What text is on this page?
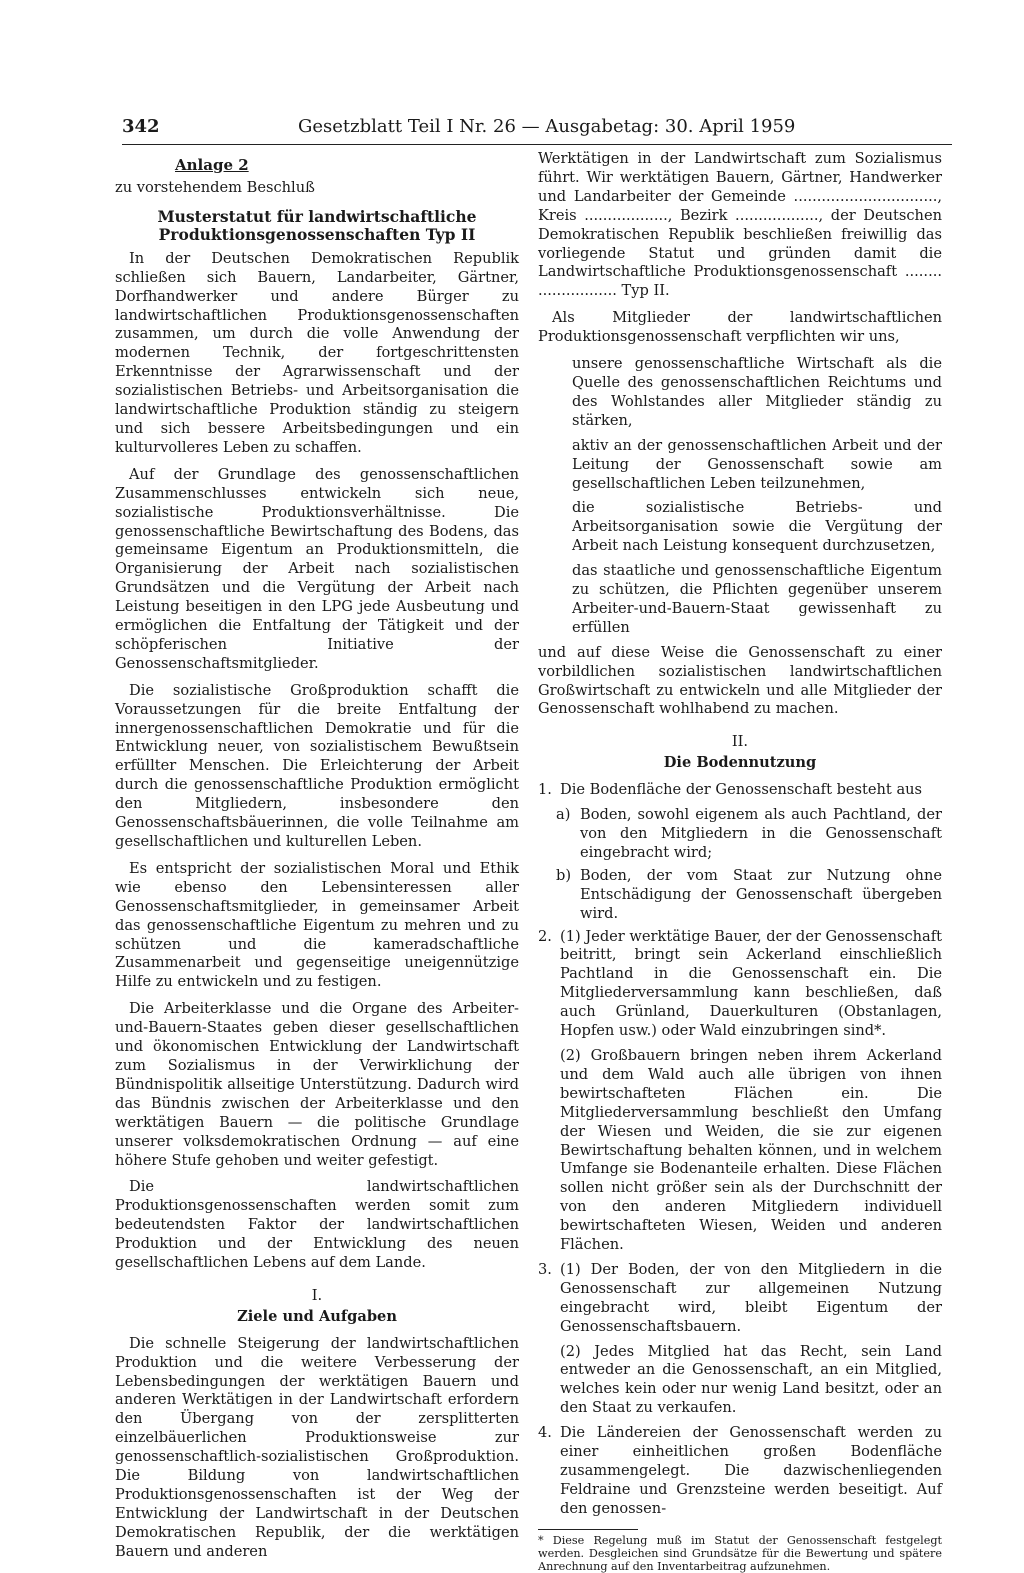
342	Gesetzblatt Teil I Nr. 26 — Ausgabetag: 30. April 1959
Anlage 2
zu vorstehendem Beschluß
Musterstatut für landwirtschaftliche Produktionsgenossenschaften Typ II

In der Deutschen Demokratischen Republik schließen sich Bauern, Landarbeiter, Gärtner, Dorfhandwerker und andere Bürger zu landwirtschaftlichen Produktionsgenossenschaften zusammen, um durch die volle Anwendung der modernen Technik, der fortgeschrittensten Erkenntnisse der Agrarwissenschaft und der sozialistischen Betriebs- und Arbeitsorganisation die landwirtschaftliche Produktion ständig zu steigern und sich bessere Arbeitsbedingungen und ein kulturvolleres Leben zu schaffen.

Auf der Grundlage des genossenschaftlichen Zusammenschlusses entwickeln sich neue, sozialistische Produktionsverhältnisse. Die genossenschaftliche Bewirtschaftung des Bodens, das gemeinsame Eigentum an Produktionsmitteln, die Organisierung der Arbeit nach sozialistischen Grundsätzen und die Vergütung der Arbeit nach Leistung beseitigen in den LPG jede Ausbeutung und ermöglichen die Entfaltung der Tätigkeit und der schöpferischen Initiative der Genossenschaftsmitglieder.

Die sozialistische Großproduktion schafft die Voraussetzungen für die breite Entfaltung der innergenossenschaftlichen Demokratie und für die Entwicklung neuer, von sozialistischem Bewußtsein erfüllter Menschen. Die Erleichterung der Arbeit durch die genossenschaftliche Produktion ermöglicht den Mitgliedern, insbesondere den Genossenschaftsbäuerinnen, die volle Teilnahme am gesellschaftlichen und kulturellen Leben.

Es entspricht der sozialistischen Moral und Ethik wie ebenso den Lebensinteressen aller Genossenschaftsmitglieder, in gemeinsamer Arbeit das genossenschaftliche Eigentum zu mehren und zu schützen und die kameradschaftliche Zusammenarbeit und gegenseitige uneigennützige Hilfe zu entwickeln und zu festigen.

Die Arbeiterklasse und die Organe des Arbeiter-und-Bauern-Staates geben dieser gesellschaftlichen und ökonomischen Entwicklung der Landwirtschaft zum Sozialismus in der Verwirklichung der Bündnispolitik allseitige Unterstützung. Dadurch wird das Bündnis zwischen der Arbeiterklasse und den werktätigen Bauern — die politische Grundlage unserer volksdemokratischen Ordnung — auf eine höhere Stufe gehoben und weiter gefestigt.

Die landwirtschaftlichen Produktionsgenossenschaften werden somit zum bedeutendsten Faktor der landwirtschaftlichen Produktion und der Entwicklung des neuen gesellschaftlichen Lebens auf dem Lande.

I.
Ziele und Aufgaben

Die schnelle Steigerung der landwirtschaftlichen Produktion und die weitere Verbesserung der Lebensbedingungen der werktätigen Bauern und anderen Werktätigen in der Landwirtschaft erfordern den Übergang von der zersplitterten einzelbäuerlichen Produktionsweise zur genossenschaftlich-sozialistischen Großproduktion. Die Bildung von landwirtschaftlichen Produktionsgenossenschaften ist der Weg der Entwicklung der Landwirtschaft in der Deutschen Demokratischen Republik, der die werktätigen Bauern und anderen

Werktätigen in der Landwirtschaft zum Sozialismus führt. Wir werktätigen Bauern, Gärtner, Handwerker und Landarbeiter der Gemeinde ..............................., Kreis .................., Bezirk .................., der Deutschen Demokratischen Republik beschließen freiwillig das vorliegende Statut und gründen damit die Landwirtschaftliche Produktionsgenossenschaft ........ ................. Typ II.

Als Mitglieder der landwirtschaftlichen Produktionsgenossenschaft verpflichten wir uns,

unsere genossenschaftliche Wirtschaft als die Quelle des genossenschaftlichen Reichtums und des Wohlstandes aller Mitglieder ständig zu stärken,
aktiv an der genossenschaftlichen Arbeit und der Leitung der Genossenschaft sowie am gesellschaftlichen Leben teilzunehmen,
die sozialistische Betriebs- und Arbeitsorganisation sowie die Vergütung der Arbeit nach Leistung konsequent durchzusetzen,
das staatliche und genossenschaftliche Eigentum zu schützen, die Pflichten gegenüber unserem Arbeiter-und-Bauern-Staat gewissenhaft zu erfüllen

und auf diese Weise die Genossenschaft zu einer vorbildlichen sozialistischen landwirtschaftlichen Großwirtschaft zu entwickeln und alle Mitglieder der Genossenschaft wohlhabend zu machen.

II.
Die Bodennutzung
1. Die Bodenfläche der Genossenschaft besteht aus
a) Boden, sowohl eigenem als auch Pachtland, der von den Mitgliedern in die Genossenschaft eingebracht wird;
b) Boden, der vom Staat zur Nutzung ohne Entschädigung der Genossenschaft übergeben wird.
2. (1) Jeder werktätige Bauer, der der Genossenschaft beitritt, bringt sein Ackerland einschließlich Pachtland in die Genossenschaft ein. Die Mitgliederversammlung kann beschließen, daß auch Grünland, Dauerkulturen (Obstanlagen, Hopfen usw.) oder Wald einzubringen sind*.
(2) Großbauern bringen neben ihrem Ackerland und dem Wald auch alle übrigen von ihnen bewirtschafteten Flächen ein. Die Mitgliederversammlung beschließt den Umfang der Wiesen und Weiden, die sie zur eigenen Bewirtschaftung behalten können, und in welchem Umfange sie Bodenanteile erhalten. Diese Flächen sollen nicht größer sein als der Durchschnitt der von den anderen Mitgliedern individuell bewirtschafteten Wiesen, Weiden und anderen Flächen.
3. (1) Der Boden, der von den Mitgliedern in die Genossenschaft zur allgemeinen Nutzung eingebracht wird, bleibt Eigentum der Genossenschaftsbauern.
(2) Jedes Mitglied hat das Recht, sein Land entweder an die Genossenschaft, an ein Mitglied, welches kein oder nur wenig Land besitzt, oder an den Staat zu verkaufen.
4. Die Ländereien der Genossenschaft werden zu einer einheitlichen großen Bodenfläche zusammengelegt. Die dazwischenliegenden Feldraine und Grenzsteine werden beseitigt. Auf den genossen-
* Diese Regelung muß im Statut der Genossenschaft festgelegt werden. Desgleichen sind Grundsätze für die Bewertung und spätere Anrechnung auf den Inventarbeitrag aufzunehmen.
